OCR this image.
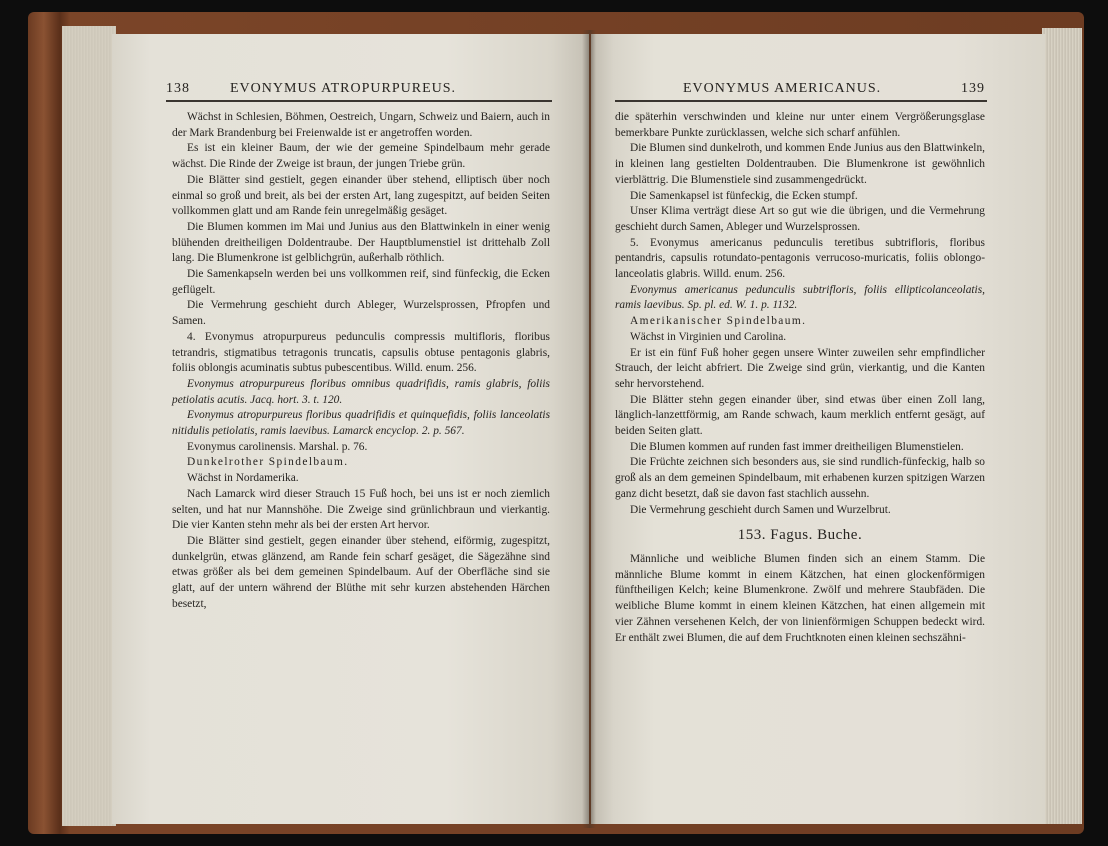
138	EVONYMUS ATROPURPUREUS.

Wächst in Schlesien, Böhmen, Oestreich, Ungarn, Schweiz und Baiern, auch in der Mark Brandenburg bei Freienwalde ist er angetroffen worden.

Es ist ein kleiner Baum, der wie der gemeine Spindelbaum mehr gerade wächst. Die Rinde der Zweige ist braun, der jungen Triebe grün.

Die Blätter sind gestielt, gegen einander über stehend, elliptisch über noch einmal so groß und breit, als bei der ersten Art, lang zugespitzt, auf beiden Seiten vollkommen glatt und am Rande fein unregelmäßig gesäget.

Die Blumen kommen im Mai und Junius aus den Blattwinkeln in einer wenig blühenden dreitheiligen Doldentraube. Der Hauptblumenstiel ist drittehalb Zoll lang. Die Blumenkrone ist gelblichgrün, außerhalb röthlich.

Die Samenkapseln werden bei uns vollkommen reif, sind fünfeckig, die Ecken geflügelt.

Die Vermehrung geschieht durch Ableger, Wurzelsprossen, Pfropfen und Samen.

4. Evonymus atropurpureus pedunculis compressis multifloris, floribus tetrandris, stigmatibus tetragonis truncatis, capsulis obtuse pentagonis glabris, foliis oblongis acuminatis subtus pubescentibus. Willd. enum. 256.

Evonymus atropurpureus floribus omnibus quadrifidis, ramis glabris, foliis petiolatis acutis. Jacq. hort. 3. t. 120.

Evonymus atropurpureus floribus quadrifidis et quinquefidis, foliis lanceolatis nitidulis petiolatis, ramis laevibus. Lamarck encyclop. 2. p. 567.

Evonymus carolinensis. Marshal. p. 76.

Dunkelrother Spindelbaum.

Wächst in Nordamerika.

Nach Lamarck wird dieser Strauch 15 Fuß hoch, bei uns ist er noch ziemlich selten, und hat nur Mannshöhe. Die Zweige sind grünlichbraun und vierkantig. Die vier Kanten stehn mehr als bei der ersten Art hervor.

Die Blätter sind gestielt, gegen einander über stehend, eiförmig, zugespitzt, dunkelgrün, etwas glänzend, am Rande fein scharf gesäget, die Sägezähne sind etwas größer als bei dem gemeinen Spindelbaum. Auf der Oberfläche sind sie glatt, auf der untern während der Blüthe mit sehr kurzen abstehenden Härchen besetzt,

EVONYMUS AMERICANUS.	139

die späterhin verschwinden und kleine nur unter einem Vergrößerungsglase bemerkbare Punkte zurücklassen, welche sich scharf anfühlen.

Die Blumen sind dunkelroth, und kommen Ende Junius aus den Blattwinkeln, in kleinen lang gestielten Doldentrauben. Die Blumenkrone ist gewöhnlich vierblättrig. Die Blumenstiele sind zusammengedrückt.

Die Samenkapsel ist fünfeckig, die Ecken stumpf.

Unser Klima verträgt diese Art so gut wie die übrigen, und die Vermehrung geschieht durch Samen, Ableger und Wurzelsprossen.

5. Evonymus americanus pedunculis teretibus subtrifloris, floribus pentandris, capsulis rotundato-pentagonis verrucoso-muricatis, foliis oblongo-lanceolatis glabris. Willd. enum. 256.

Evonymus americanus pedunculis subtrifloris, foliis ellipticolanceolatis, ramis laevibus. Sp. pl. ed. W. 1. p. 1132.

Amerikanischer Spindelbaum.

Wächst in Virginien und Carolina.

Er ist ein fünf Fuß hoher gegen unsere Winter zuweilen sehr empfindlicher Strauch, der leicht abfriert. Die Zweige sind grün, vierkantig, und die Kanten sehr hervorstehend.

Die Blätter stehn gegen einander über, sind etwas über einen Zoll lang, länglich-lanzettförmig, am Rande schwach, kaum merklich entfernt gesägt, auf beiden Seiten glatt.

Die Blumen kommen auf runden fast immer dreitheiligen Blumenstielen.

Die Früchte zeichnen sich besonders aus, sie sind rundlich-fünfeckig, halb so groß als an dem gemeinen Spindelbaum, mit erhabenen kurzen spitzigen Warzen ganz dicht besetzt, daß sie davon fast stachlich aussehn.

Die Vermehrung geschieht durch Samen und Wurzelbrut.

153. Fagus. Buche.

Männliche und weibliche Blumen finden sich an einem Stamm. Die männliche Blume kommt in einem Kätzchen, hat einen glockenförmigen fünftheiligen Kelch; keine Blumenkrone. Zwölf und mehrere Staubfäden. Die weibliche Blume kommt in einem kleinen Kätzchen, hat einen allgemein mit vier Zähnen versehenen Kelch, der von linienförmigen Schuppen bedeckt wird. Er enthält zwei Blumen, die auf dem Fruchtknoten einen kleinen sechszähni-
